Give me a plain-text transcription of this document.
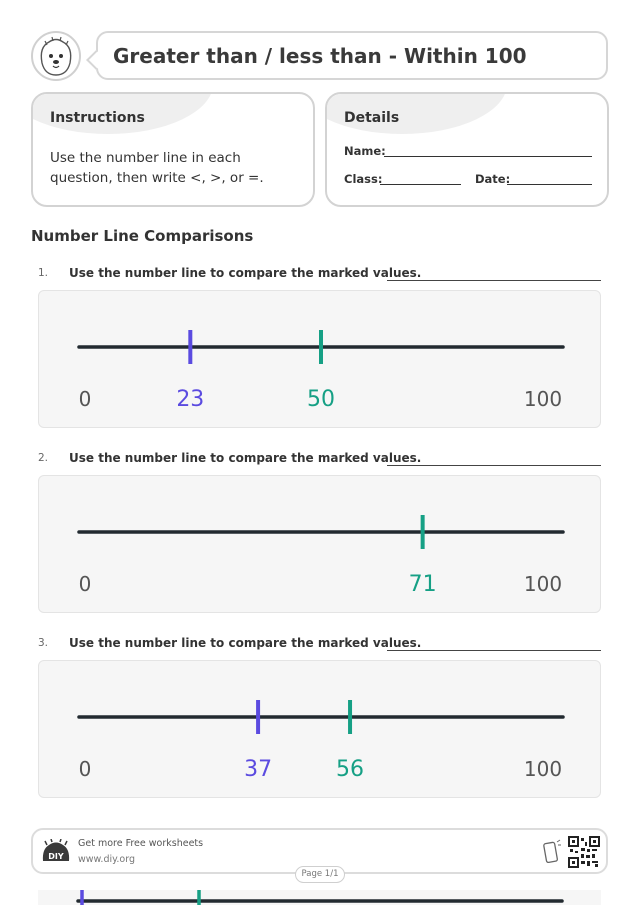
Greater than / less than - Within 100
Instructions
Use the number line in each question, then write <, >, or =.
Details
Name:
Class:	Date:
Number Line Comparisons
1. Use the number line to compare the marked values.
0	100
23	50
2. Use the number line to compare the marked values.
0	100
71
3. Use the number line to compare the marked values.
0	100
37	56
DIY
Get more Free worksheets
www.diy.org
Page 1/1
